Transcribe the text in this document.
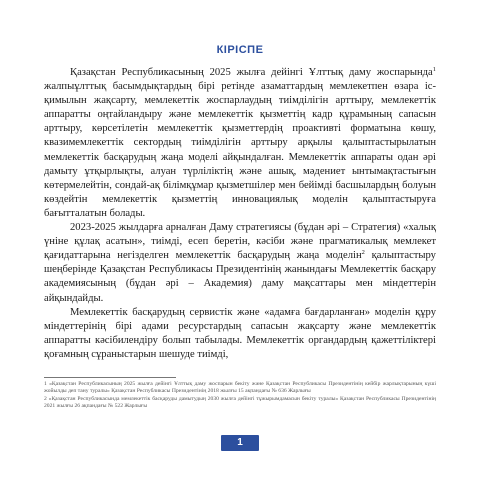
КІРІСПЕ

Қазақстан Республикасының 2025 жылға дейінгі Ұлттық даму жоспарында$^1$ жалпыұлттық басымдықтардың бірі ретінде азаматтардың мемлекетпен өзара іс-қимылын жақсарту, мемлекеттік жоспарлаудың тиімділігін арттыру, мемлекеттік аппаратты оңтайландыру және мемлекеттік қызметтің кадр құрамының сапасын арттыру, көрсетілетін мемлекеттік қызметтердің проактивті форматына көшу, квазимемлекеттік сектордың тиімділігін арттыру арқылы қалыптастырылатын мемлекеттік басқарудың жаңа моделі айқындалған. Мемлекеттік аппараты одан әрі дамыту ұтқырлықты, алуан түрліліктің және ашық, мәдениет ынтымақтастығын көтермелейтін, сондай-ақ білімқұмар қызметшілер мен бейімді басшылардың болуын көздейтін мемлекеттік қызметтің инновациялық моделін қалыптастыруға бағытталатын болады.

2023-2025 жылдарға арналған Даму стратегиясы (бұдан әрі – Стратегия) «халық үніне құлақ асатын», тиімді, есеп беретін, кәсіби және прагматикалық мемлекет қағидаттарына негізделген мемлекеттік басқарудың жаңа моделін$^2$ қалыптастыру шеңберінде Қазақстан Республикасы Президентінің жанындағы Мемлекеттік басқару академиясының (бұдан әрі – Академия) даму мақсаттары мен міндеттерін айқындайды.

Мемлекеттік басқарудың сервистік және «адамға бағдарланған» моделін құру міндеттерінің бірі адами ресурстардың сапасын жақсарту және мемлекеттік аппаратты кәсібилендіру болып табылады. Мемлекеттік органдардың қажеттіліктері қоғамның сұраныстарын шешуде тиімді,

1 «Қазақстан Республикасының 2025 жылға дейінгі Ұлттық даму жоспарын бекіту және Қазақстан Республикасы Президентінің кейбір жарлықтарының күші жойылды деп тану туралы» Қазақстан Республикасы Президентінің 2018 жылғы 15 ақпандағы № 636 Жарлығы

2 «Қазақстан Республикасында мемлекеттік басқаруды дамытудың 2030 жылға дейінгі тұжырымдамасын бекіту туралы» Қазақстан Республикасы Президентінің 2021 жылғы 26 ақпандағы № 522 Жарлығы

1
